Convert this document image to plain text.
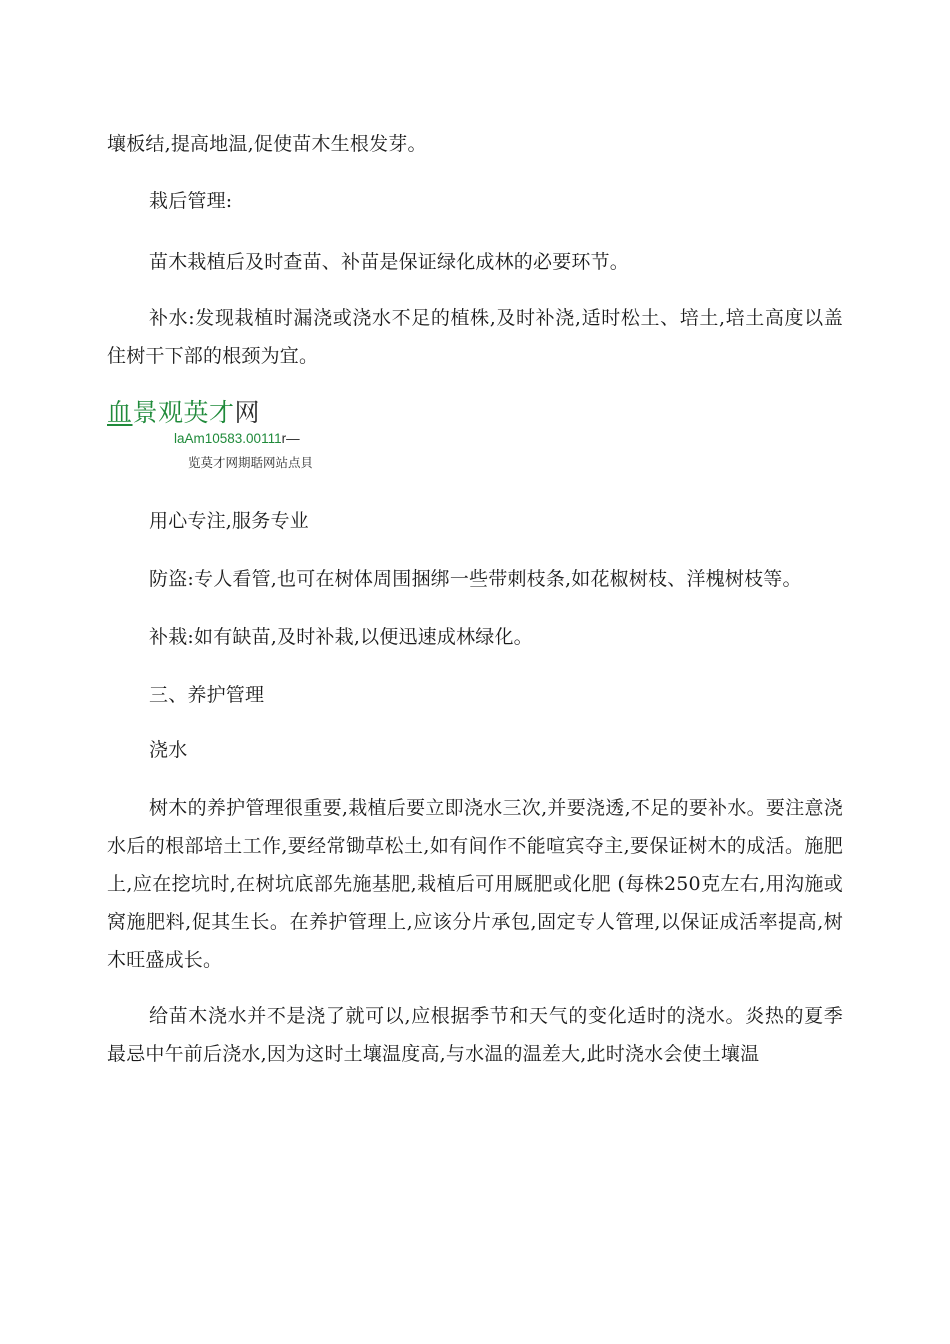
壤板结,提高地温,促使苗木生根发芽。

栽后管理:

苗木栽植后及时查苗、补苗是保证绿化成林的必要环节。

补水:发现栽植时漏浇或浇水不足的植株,及时补浇,适时松土、培土,培土高度以盖住树干下部的根颈为宜。

血景观英才网
laAm10583.00111r—
览莫才网期聒网站点貝

用心专注,服务专业

防盗:专人看管,也可在树体周围捆绑一些带刺枝条,如花椒树枝、洋槐树枝等。

补栽:如有缺苗,及时补栽,以便迅速成林绿化。

三、养护管理

浇水

树木的养护管理很重要,栽植后要立即浇水三次,并要浇透,不足的要补水。要注意浇水后的根部培土工作,要经常锄草松土,如有间作不能喧宾夺主,要保证树木的成活。施肥上,应在挖坑时,在树坑底部先施基肥,栽植后可用厩肥或化肥 (每株250克左右,用沟施或窝施肥料,促其生长。在养护管理上,应该分片承包,固定专人管理,以保证成活率提高,树木旺盛成长。

给苗木浇水并不是浇了就可以,应根据季节和天气的变化适时的浇水。炎热的夏季最忌中午前后浇水,因为这时土壤温度高,与水温的温差大,此时浇水会使土壤温
